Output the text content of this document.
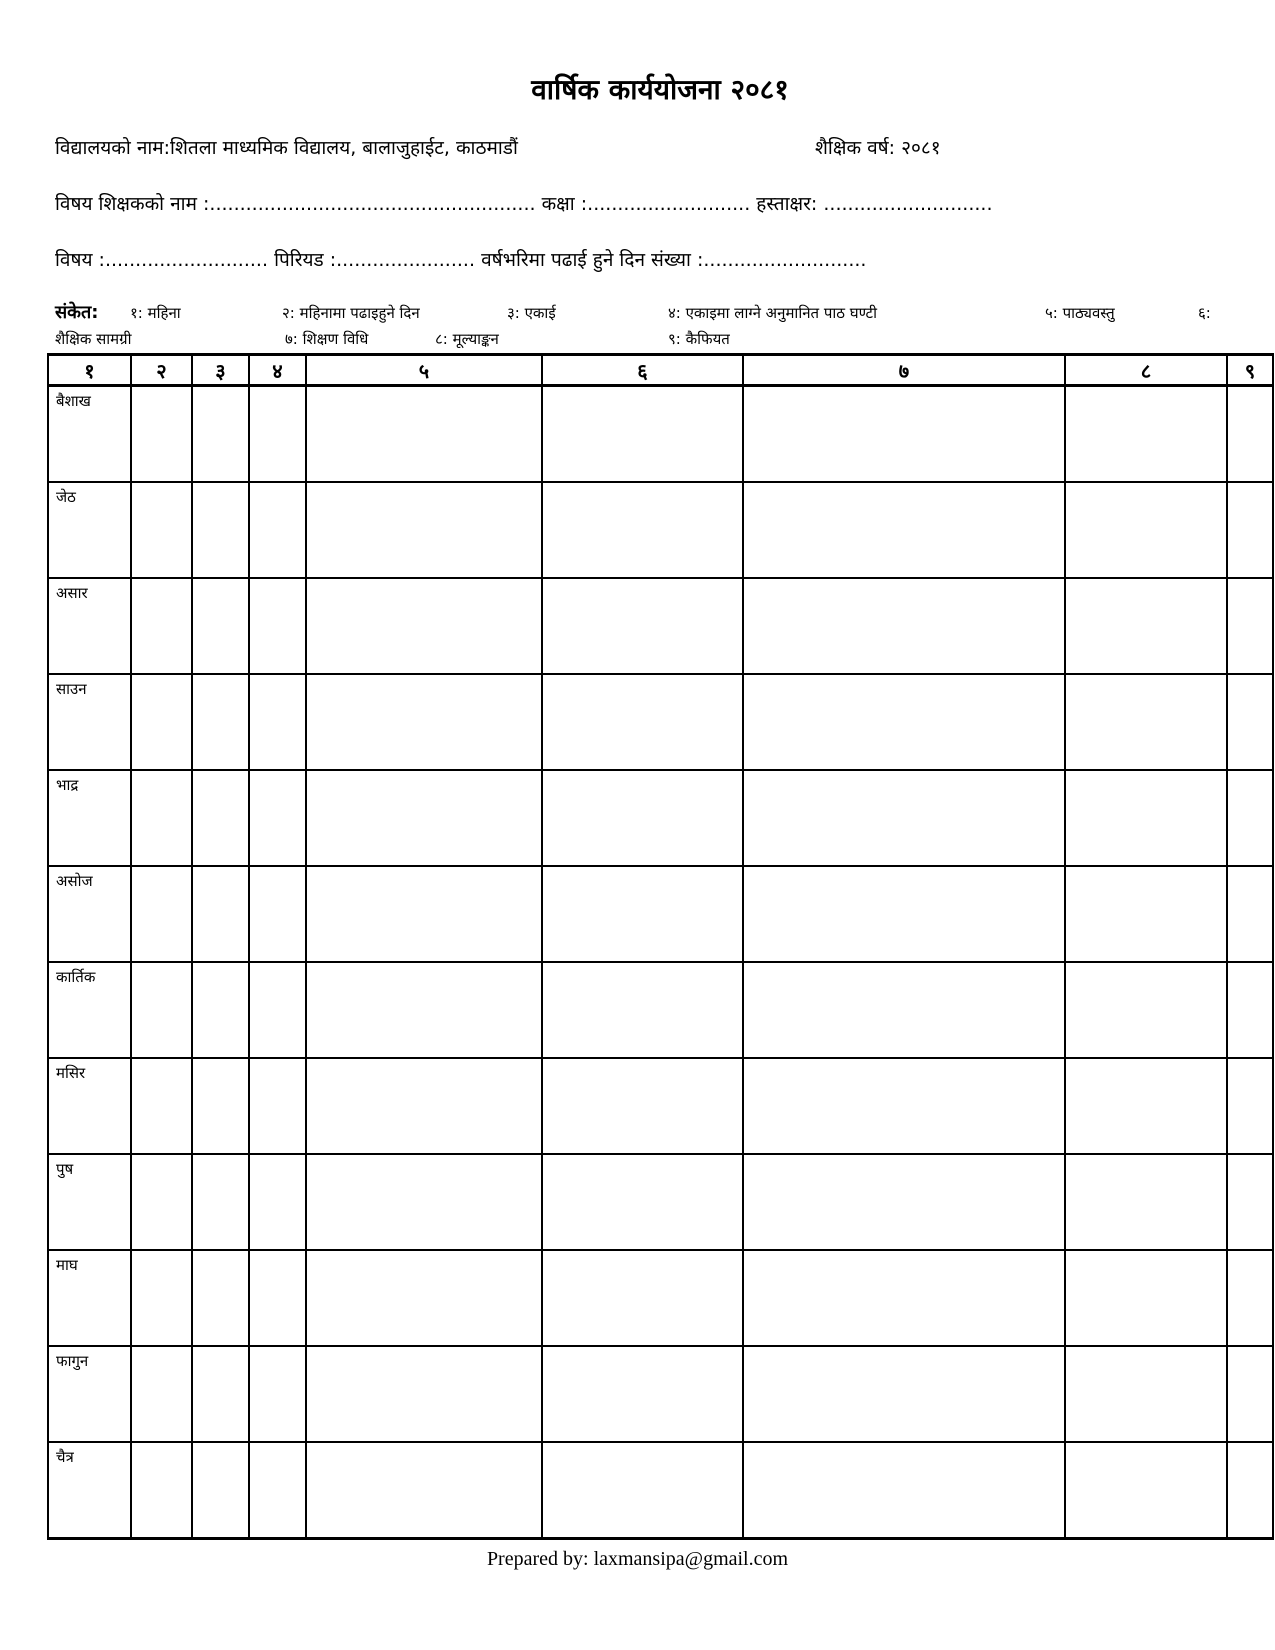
वार्षिक कार्ययोजना २०८१
विद्यालयको नाम:शितला माध्यमिक विद्यालय, बालाजुहाईट, काठमाडौं	शैक्षिक वर्ष: २०८१
विषय शिक्षकको नाम :...................................................... कक्षा :........................... हस्ताक्षर: ............................
विषय :........................... पिरियड :....................... वर्षभरिमा पढाई हुने दिन संख्या :...........................
संकेत: १: महिना	२: महिनामा पढाइहुने दिन	३: एकाई	४: एकाइमा लाग्ने अनुमानित पाठ घण्टी	५: पाठ्यवस्तु	६:
शैक्षिक सामग्री	७: शिक्षण विधि	८: मूल्याङ्कन	९: कैफियत
१	२	३	४	५	६	७	८	९

बैशाख								

जेठ								

असार								

साउन								

भाद्र								

असोज								

कार्तिक								

मसिर								

पुष								

माघ								

फागुन								

चैत्र								

Prepared by: laxmansipa@gmail.com
